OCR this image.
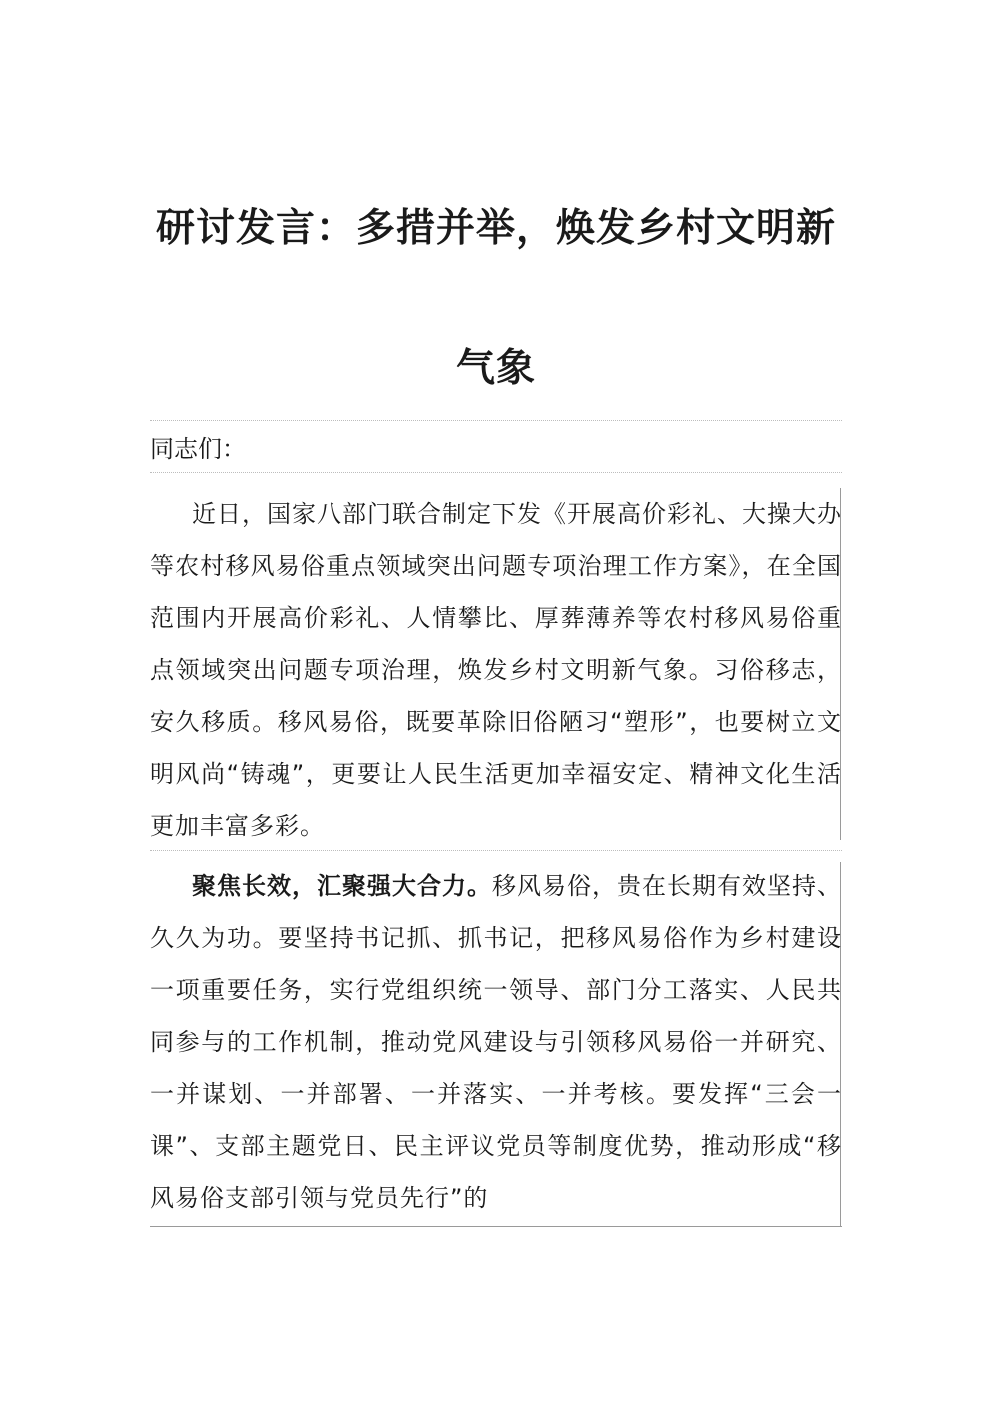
研讨发言：多措并举，焕发乡村文明新气象

同志们：

近日，国家八部门联合制定下发《开展高价彩礼、大操大办等农村移风易俗重点领域突出问题专项治理工作方案》，在全国范围内开展高价彩礼、人情攀比、厚葬薄养等农村移风易俗重点领域突出问题专项治理，焕发乡村文明新气象。习俗移志，安久移质。移风易俗，既要革除旧俗陋习“塑形”，也要树立文明风尚“铸魂”，更要让人民生活更加幸福安定、精神文化生活更加丰富多彩。

聚焦长效，汇聚强大合力。移风易俗，贵在长期有效坚持、久久为功。要坚持书记抓、抓书记，把移风易俗作为乡村建设一项重要任务，实行党组织统一领导、部门分工落实、人民共同参与的工作机制，推动党风建设与引领移风易俗一并研究、一并谋划、一并部署、一并落实、一并考核。要发挥“三会一课”、支部主题党日、民主评议党员等制度优势，推动形成“移风易俗支部引领与党员先行”的
